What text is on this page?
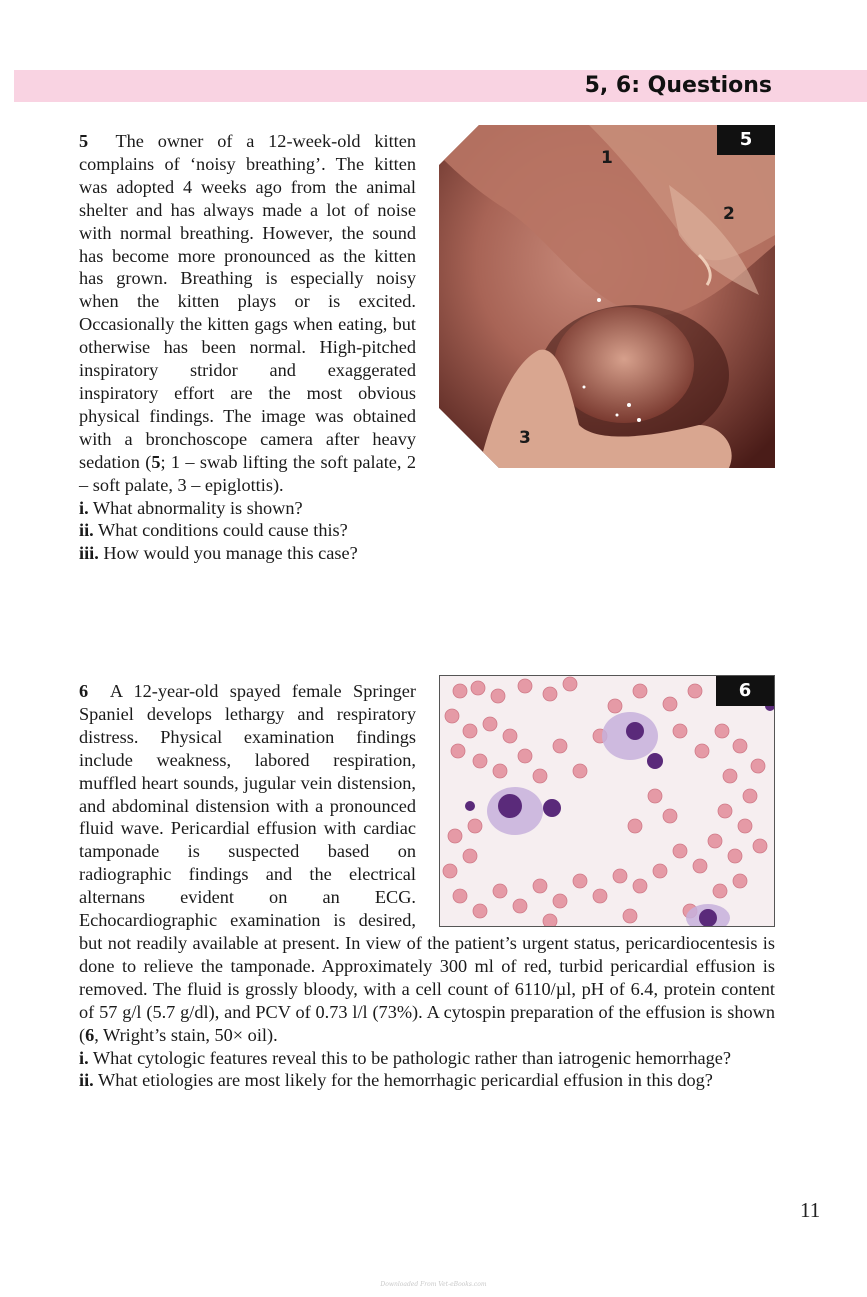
5, 6: Questions
5
1
2
3
5 The owner of a 12-week-old kitten complains of ‘noisy breathing’. The kitten was adopted 4 weeks ago from the animal shelter and has always made a lot of noise with normal breathing. However, the sound has become more pronounced as the kitten has grown. Breathing is especially noisy when the kitten plays or is excited. Occasionally the kitten gags when eating, but otherwise has been normal. High-pitched inspiratory stridor and exaggerated inspiratory effort are the most obvious physical findings. The image was obtained with a bronchoscope camera after heavy sedation (5; 1 – swab lifting the soft palate, 2 – soft palate, 3 – epiglottis).
i. What abnormality is shown?
ii. What conditions could cause this?
iii. How would you manage this case?
6
6 A 12-year-old spayed female Springer Spaniel develops lethargy and respiratory distress. Physical examination findings include weakness, labored respiration, muffled heart sounds, jugular vein distension, and abdominal distension with a pronounced fluid wave. Pericardial effusion with cardiac tamponade is suspected based on radiographic findings and the electrical alternans evident on an ECG. Echocardiographic examination is desired, but not readily available at present. In view of the patient’s urgent status, pericardiocentesis is done to relieve the tamponade. Approximately 300 ml of red, turbid pericardial effusion is removed. The fluid is grossly bloody, with a cell count of 6110/µl, pH of 6.4, protein content of 57 g/l (5.7 g/dl), and PCV of 0.73 l/l (73%). A cytospin preparation of the effusion is shown (6, Wright’s stain, 50× oil).
i. What cytologic features reveal this to be pathologic rather than iatrogenic hemorrhage?
ii. What etiologies are most likely for the hemorrhagic pericardial effusion in this dog?
11
Downloaded From Vet-eBooks.com
